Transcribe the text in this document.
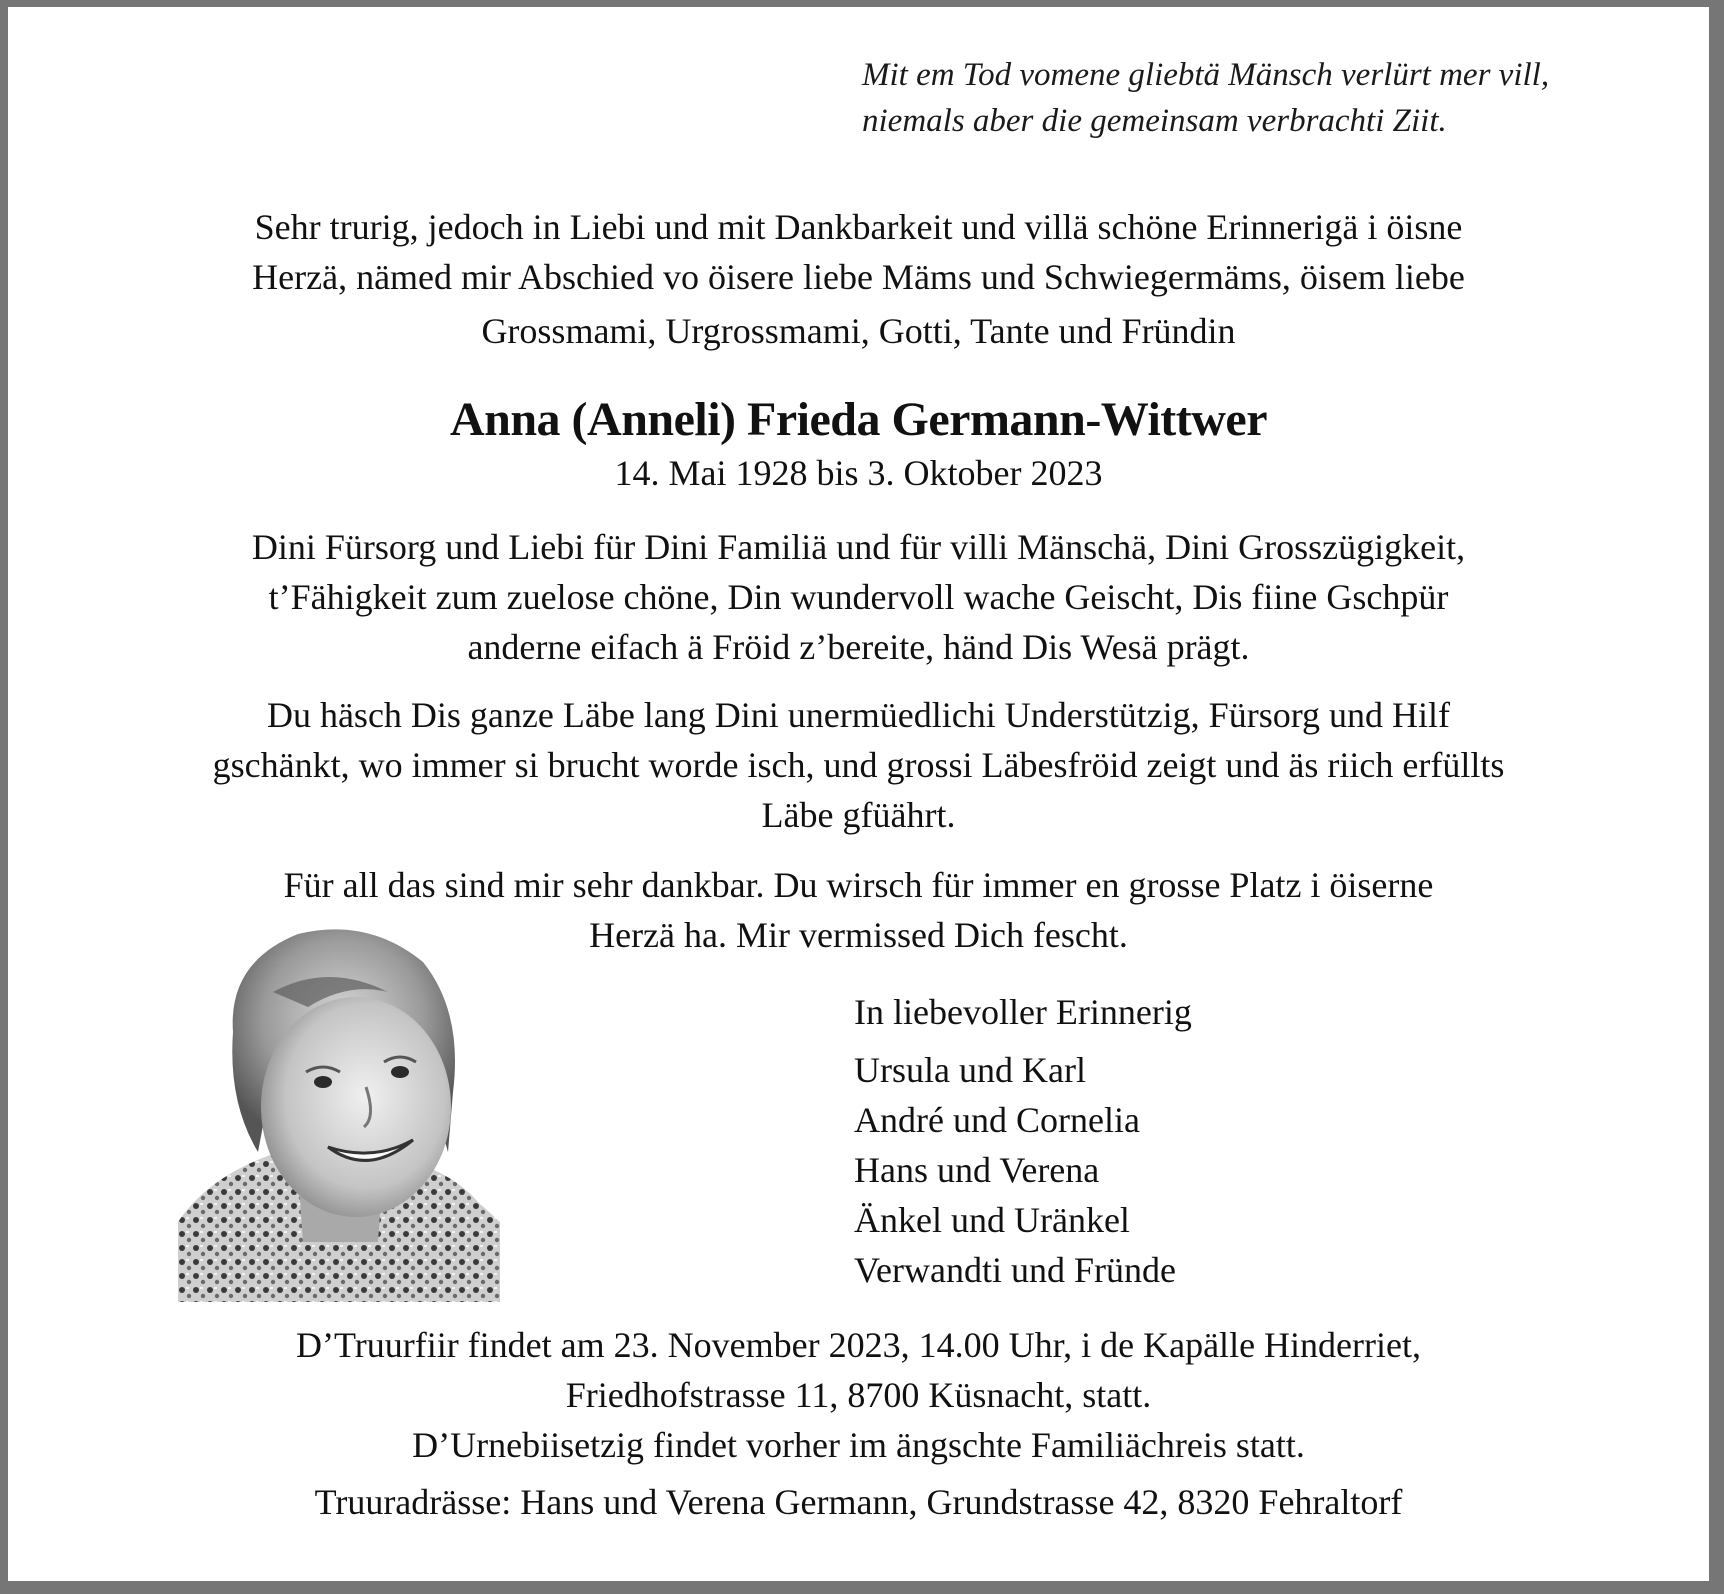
Mit em Tod vomene gliebtä Mänsch verlürt mer vill,
niemals aber die gemeinsam verbrachti Ziit.
Sehr trurig, jedoch in Liebi und mit Dankbarkeit und villä schöne Erinnerigä i öisne
Herzä, nämed mir Abschied vo öisere liebe Mäms und Schwiegermäms, öisem liebe
Grossmami, Urgrossmami, Gotti, Tante und Fründin
Anna (Anneli) Frieda Germann-Wittwer
14. Mai 1928 bis 3. Oktober 2023
Dini Fürsorg und Liebi für Dini Familiä und für villi Mänschä, Dini Grosszügigkeit,
t’Fähigkeit zum zuelose chöne, Din wundervoll wache Geischt, Dis fiine Gschpür
anderne eifach ä Fröid z’bereite, händ Dis Wesä prägt.
Du häsch Dis ganze Läbe lang Dini unermüedlichi Understützig, Fürsorg und Hilf
gschänkt, wo immer si brucht worde isch, und grossi Läbesfröid zeigt und äs riich erfüllts
Läbe gfüährt.
Für all das sind mir sehr dankbar. Du wirsch für immer en grosse Platz i öiserne
Herzä ha. Mir vermissed Dich fescht.
In liebevoller Erinnerig
Ursula und Karl
André und Cornelia
Hans und Verena
Änkel und Uränkel
Verwandti und Fründe
D’Truurfiir findet am 23. November 2023, 14.00 Uhr, i de Kapälle Hinderriet,
Friedhofstrasse 11, 8700 Küsnacht, statt.
D’Urnebiisetzig findet vorher im ängschte Familiächreis statt.
Truuradrässe: Hans und Verena Germann, Grundstrasse 42, 8320 Fehraltorf
